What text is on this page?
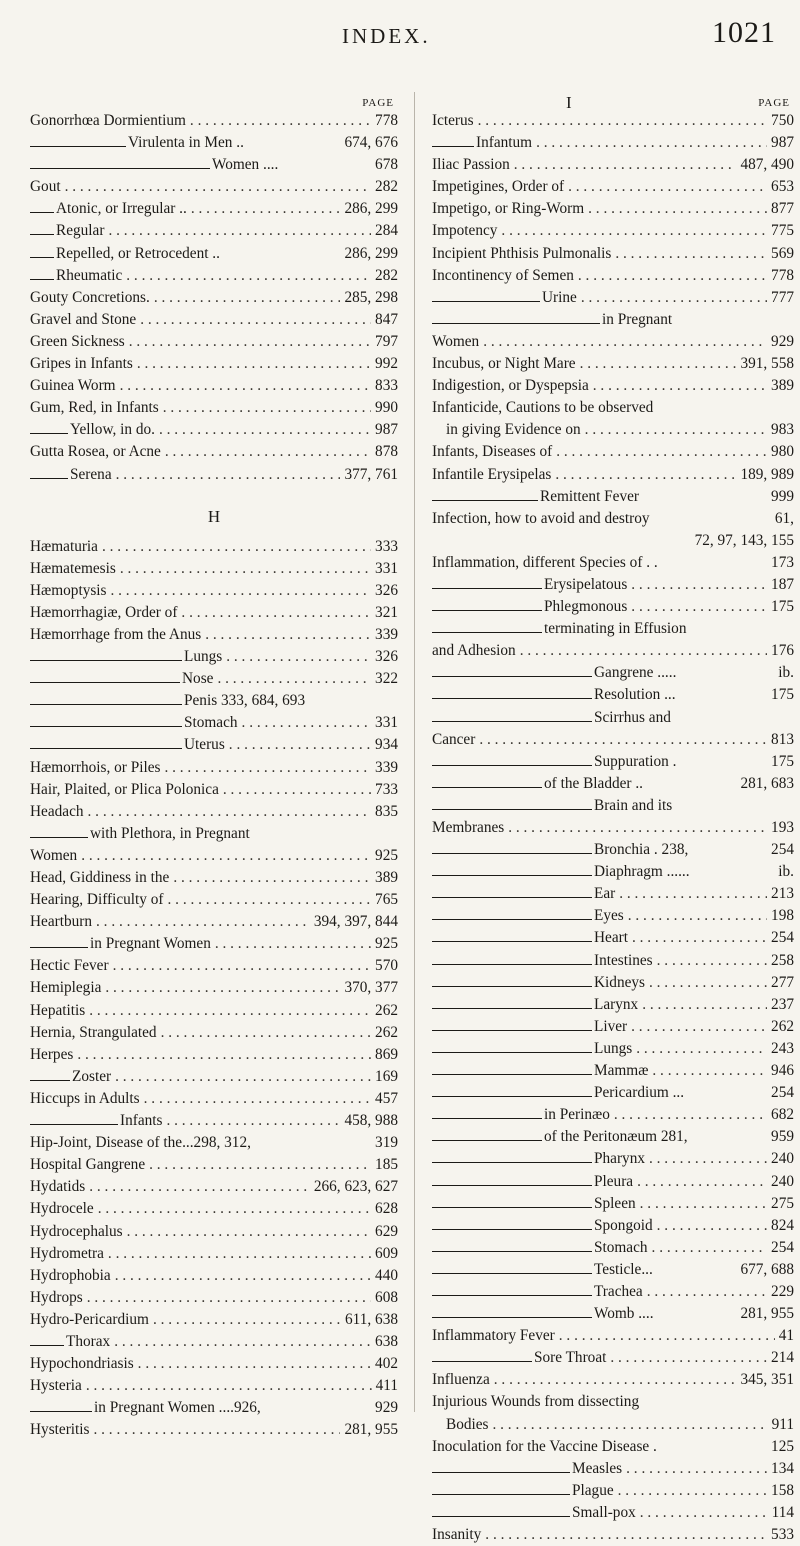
INDEX.	1021
PAGE
Gonorrhœa Dormientium . . .	778
Virulenta in Men ..	674, 676
Women ....	678
Gout . . .	282
Atonic, or Irregular .. . . .	286, 299
Regular . . .	284
Repelled, or Retrocedent ..	286, 299
Rheumatic . . .	282
Gouty Concretions. . . .	285, 298
Gravel and Stone . . .	847
Green Sickness . . .	797
Gripes in Infants . . .	992
Guinea Worm . . .	833
Gum, Red, in Infants . . .	990
Yellow, in do. . . .	987
Gutta Rosea, or Acne . . .	878
Serena . . .	377, 761
H
Hæmaturia . . .	333
Hæmatemesis . . .	331
Hæmoptysis . . .	326
Hæmorrhagiæ, Order of . . .	321
Hæmorrhage from the Anus . . .	339
Lungs . . .	326
Nose . . .	322
Penis 333, 684, 693
Stomach . . .	331
Uterus . . .	934
Hæmorrhois, or Piles . . .	339
Hair, Plaited, or Plica Polonica . . .	733
Headach . . .	835
with Plethora, in Pregnant
Women . . .	925
Head, Giddiness in the . . .	389
Hearing, Difficulty of . . .	765
Heartburn . . .	394, 397, 844
in Pregnant Women . . .	925
Hectic Fever . . .	570
Hemiplegia . . .	370, 377
Hepatitis . . .	262
Hernia, Strangulated . . .	262
Herpes . . .	869
Zoster . . .	169
Hiccups in Adults . . .	457
Infants . . .	458, 988
Hip-Joint, Disease of the...298, 312,	319
Hospital Gangrene . . .	185
Hydatids . . .	266, 623, 627
Hydrocele . . .	628
Hydrocephalus . . .	629
Hydrometra . . .	609
Hydrophobia . . .	440
Hydrops . . .	608
Hydro-Pericardium . . .	611, 638
Thorax . . .	638
Hypochondriasis . . .	402
Hysteria . . .	411
in Pregnant Women ....926,	929
Hysteritis . . .	281, 955
I	PAGE
Icterus . . .	750
Infantum . . .	987
Iliac Passion . . .	487, 490
Impetigines, Order of . . .	653
Impetigo, or Ring-Worm . . .	877
Impotency . . .	775
Incipient Phthisis Pulmonalis . . .	569
Incontinency of Semen . . .	778
Urine . . .	777
in Pregnant
Women . . .	929
Incubus, or Night Mare . . .	391, 558
Indigestion, or Dyspepsia . . .	389
Infanticide, Cautions to be observed
in giving Evidence on . . .	983
Infants, Diseases of . . .	980
Infantile Erysipelas . . .	189, 989
Remittent Fever	999
Infection, how to avoid and destroy	61,
72, 97, 143, 155
Inflammation, different Species of . .	173
Erysipelatous . . .	187
Phlegmonous . . .	175
terminating in Effusion
and Adhesion . . .	176
Gangrene .....	ib.
Resolution ...	175
Scirrhus and
Cancer . . .	813
Suppuration .	175
of the Bladder ..	281, 683
Brain and its
Membranes . . .	193
Bronchia . 238,	254
Diaphragm ......	ib.
Ear . . .	213
Eyes . . .	198
Heart . . .	254
Intestines . . .	258
Kidneys . . .	277
Larynx . . .	237
Liver . . .	262
Lungs . . .	243
Mammæ . . .	946
Pericardium ...	254
in Perinæo . . .	682
of the Peritonæum 281,	959
Pharynx . . .	240
Pleura . . .	240
Spleen . . .	275
Spongoid . . .	824
Stomach . . .	254
Testicle...	677, 688
Trachea . . .	229
Womb ....	281, 955
Inflammatory Fever . . .	41
Sore Throat . . .	214
Influenza . . .	345, 351
Injurious Wounds from dissecting
Bodies . . .	911
Inoculation for the Vaccine Disease .	125
Measles . . .	134
Plague . . .	158
Small-pox . . .	114
Insanity . . .	533
